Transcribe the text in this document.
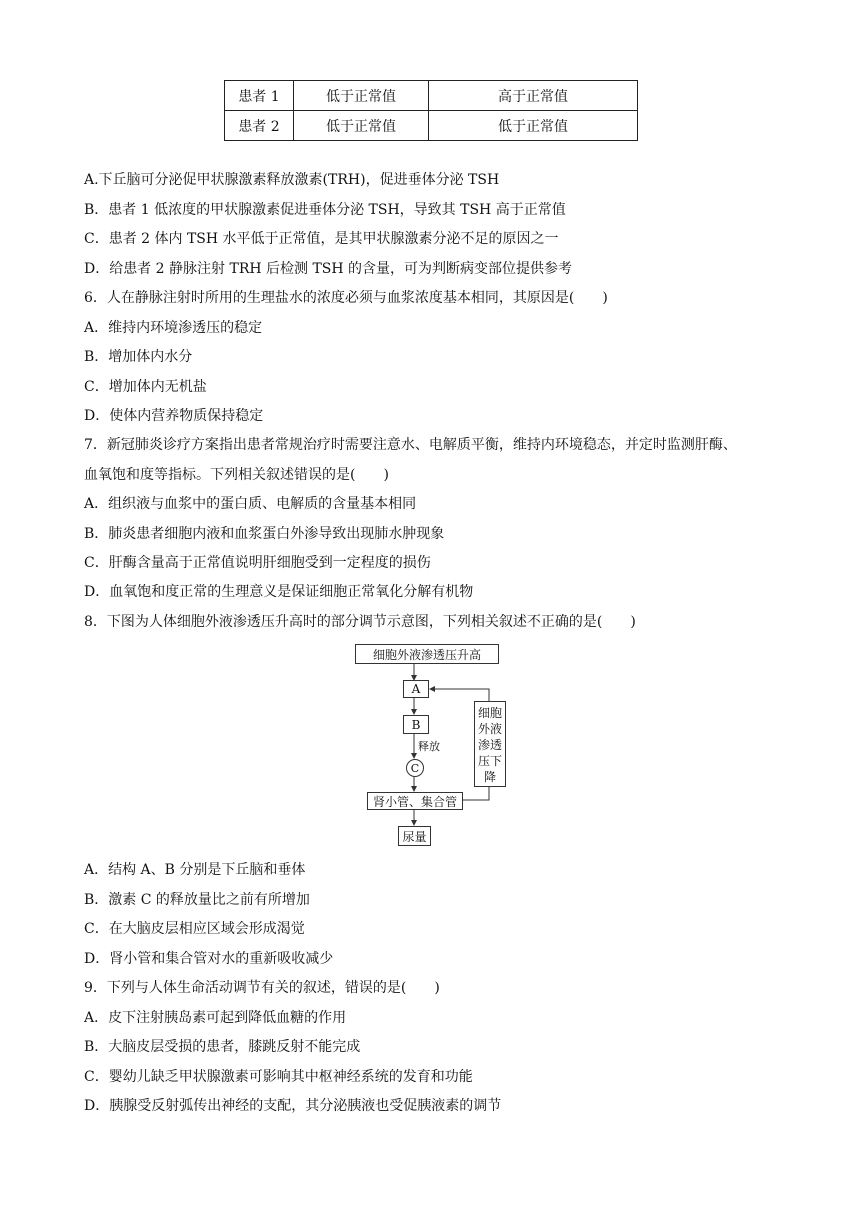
患者 1	低于正常值	高于正常值
患者 2	低于正常值	低于正常值
A.下丘脑可分泌促甲状腺激素释放激素(TRH)，促进垂体分泌 TSH
B．患者 1 低浓度的甲状腺激素促进垂体分泌 TSH，导致其 TSH 高于正常值
C．患者 2 体内 TSH 水平低于正常值，是其甲状腺激素分泌不足的原因之一
D．给患者 2 静脉注射 TRH 后检测 TSH 的含量，可为判断病变部位提供参考
6．人在静脉注射时所用的生理盐水的浓度必须与血浆浓度基本相同，其原因是(　　)
A．维持内环境渗透压的稳定
B．增加体内水分
C．增加体内无机盐
D．使体内营养物质保持稳定
7．新冠肺炎诊疗方案指出患者常规治疗时需要注意水、电解质平衡，维持内环境稳态，并定时监测肝酶、
血氧饱和度等指标。下列相关叙述错误的是(　　)
A．组织液与血浆中的蛋白质、电解质的含量基本相同
B．肺炎患者细胞内液和血浆蛋白外渗导致出现肺水肿现象
C．肝酶含量高于正常值说明肝细胞受到一定程度的损伤
D．血氧饱和度正常的生理意义是保证细胞正常氧化分解有机物
8．下图为人体细胞外液渗透压升高时的部分调节示意图，下列相关叙述不正确的是(　　)
细胞外液渗透压升高
A
B
释放
C
肾小管、集合管
尿量
细胞
外液
渗透
压下
降
A．结构 A、B 分别是下丘脑和垂体
B．激素 C 的释放量比之前有所增加
C．在大脑皮层相应区域会形成渴觉
D．肾小管和集合管对水的重新吸收减少
9．下列与人体生命活动调节有关的叙述，错误的是(　　)
A．皮下注射胰岛素可起到降低血糖的作用
B．大脑皮层受损的患者，膝跳反射不能完成
C．婴幼儿缺乏甲状腺激素可影响其中枢神经系统的发育和功能
D．胰腺受反射弧传出神经的支配，其分泌胰液也受促胰液素的调节
